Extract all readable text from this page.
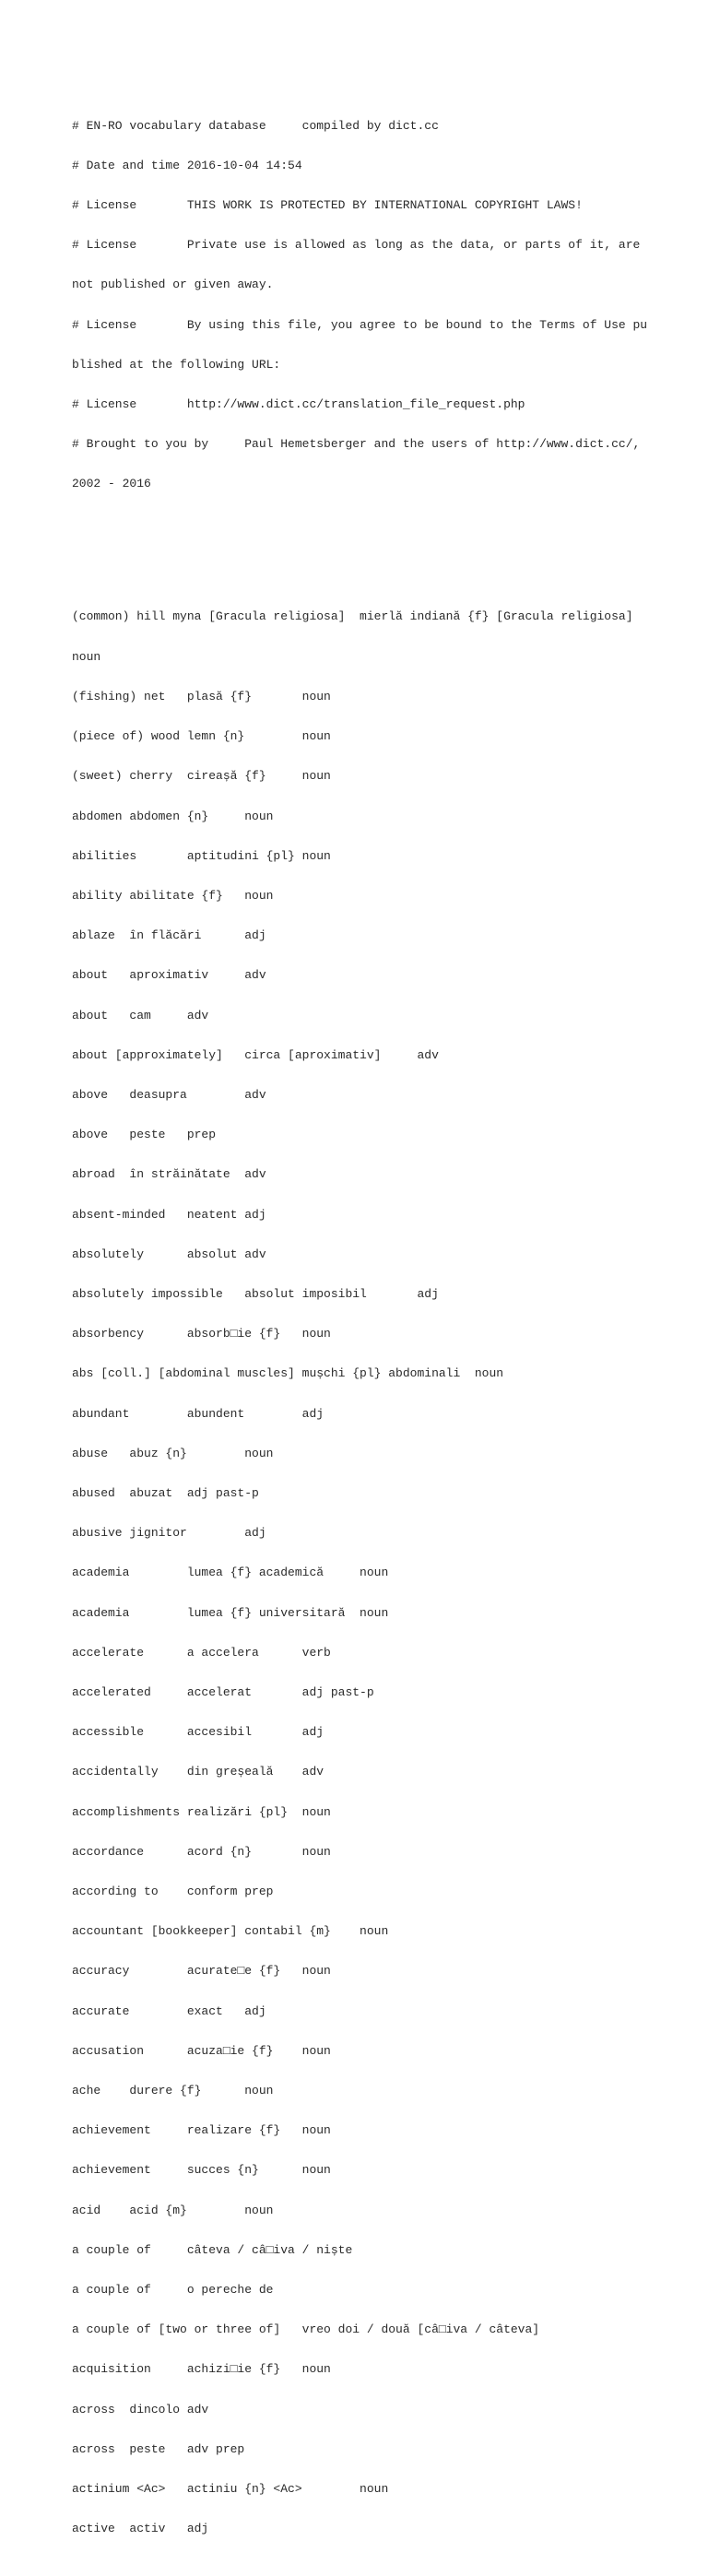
# EN-RO vocabulary database     compiled by dict.cc

# Date and time 2016-10-04 14:54

# License       THIS WORK IS PROTECTED BY INTERNATIONAL COPYRIGHT LAWS!

# License       Private use is allowed as long as the data, or parts of it, are

not published or given away.

# License       By using this file, you agree to be bound to the Terms of Use pu

blished at the following URL:

# License       http://www.dict.cc/translation_file_request.php

# Brought to you by     Paul Hemetsberger and the users of http://www.dict.cc/,

2002 - 2016

(common) hill myna [Gracula religiosa]  mierlă indiană {f} [Gracula religiosa]

noun

(fishing) net   plasă {f}       noun

(piece of) wood lemn {n}        noun

(sweet) cherry  cireașă {f}     noun

abdomen abdomen {n}     noun

abilities       aptitudini {pl} noun

ability abilitate {f}   noun

ablaze  în flăcări      adj

about   aproximativ     adv

about   cam     adv

about [approximately]   circa [aproximativ]     adv

above   deasupra        adv

above   peste   prep

abroad  în străinătate  adv

absent-minded   neatent adj

absolutely      absolut adv

absolutely impossible   absolut imposibil       adj

absorbency      absorb□ie {f}   noun

abs [coll.] [abdominal muscles] mușchi {pl} abdominali  noun

abundant        abundent        adj

abuse   abuz {n}        noun

abused  abuzat  adj past-p

abusive jignitor        adj

academia        lumea {f} academică     noun

academia        lumea {f} universitară  noun

accelerate      a accelera      verb

accelerated     accelerat       adj past-p

accessible      accesibil       adj

accidentally    din greșeală    adv

accomplishments realizări {pl}  noun

accordance      acord {n}       noun

according to    conform prep

accountant [bookkeeper] contabil {m}    noun

accuracy        acurate□e {f}   noun

accurate        exact   adj

accusation      acuza□ie {f}    noun

ache    durere {f}      noun

achievement     realizare {f}   noun

achievement     succes {n}      noun

acid    acid {m}        noun

a couple of     câteva / câ□iva / niște

a couple of     o pereche de

a couple of [two or three of]   vreo doi / două [câ□iva / câteva]

acquisition     achizi□ie {f}   noun

across  dincolo adv

across  peste   adv prep

actinium <Ac>   actiniu {n} <Ac>        noun

active  activ   adj
